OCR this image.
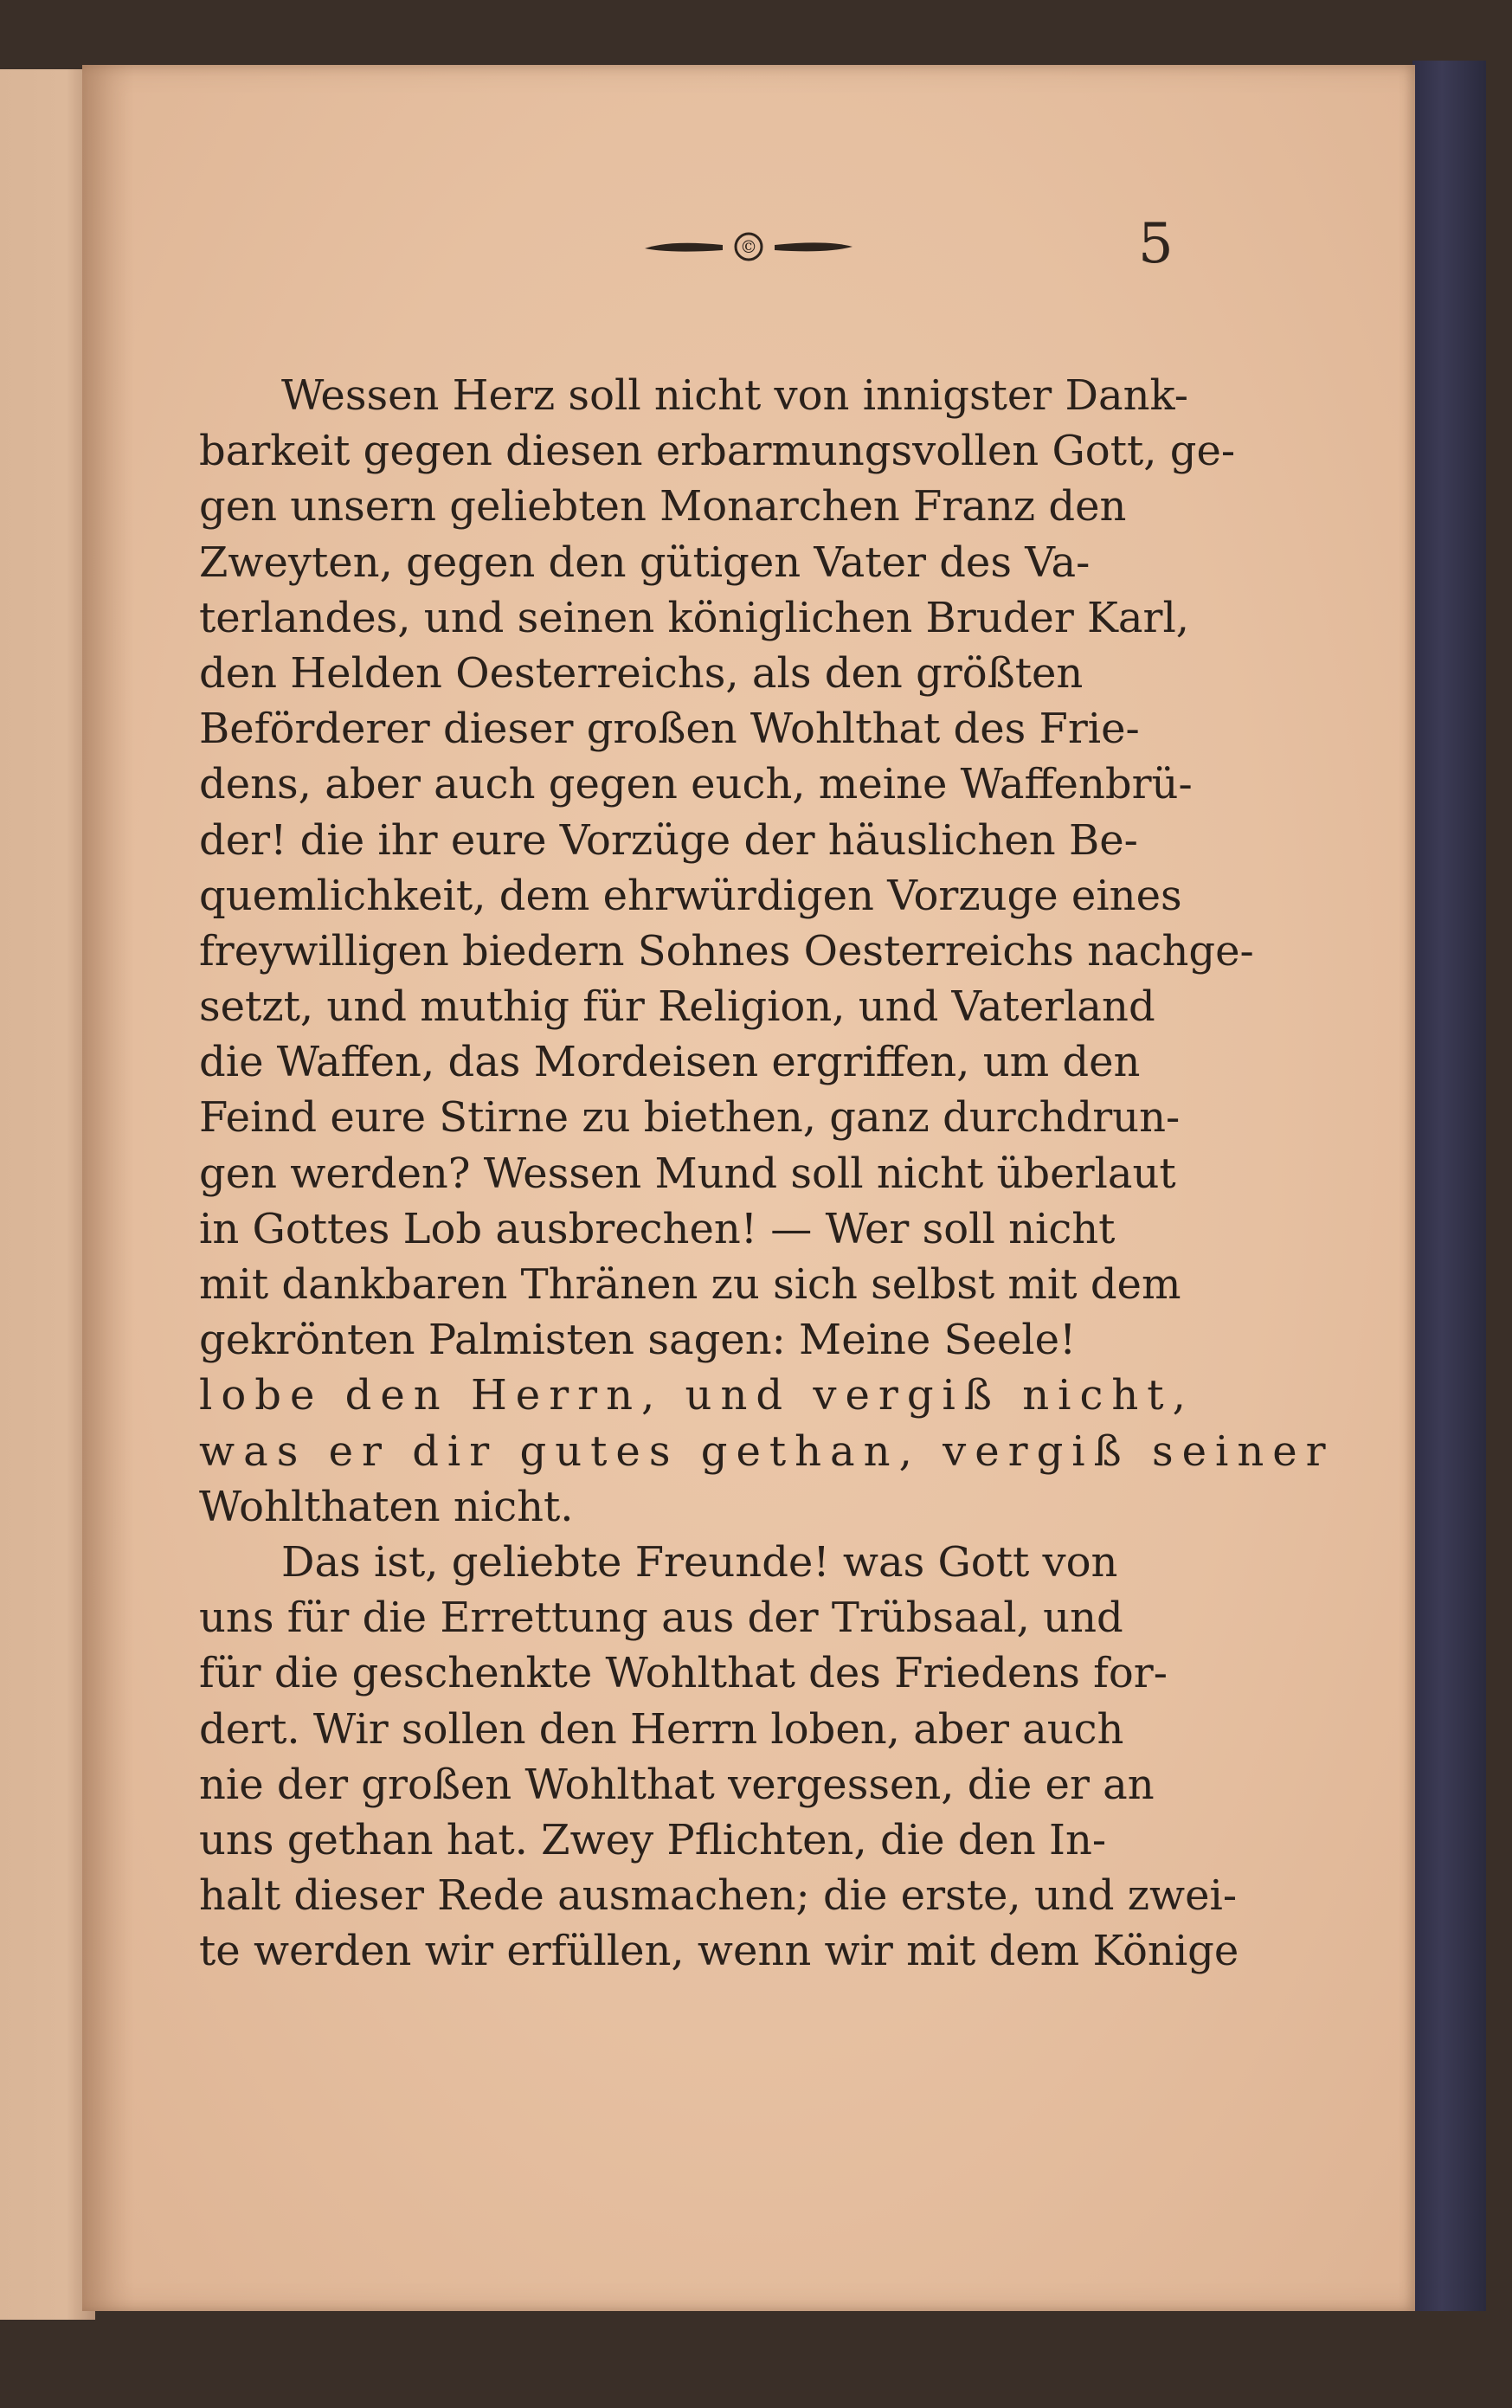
©	5
Wessen Herz soll nicht von innigster Dank-
barkeit gegen diesen erbarmungsvollen Gott, ge-
gen unsern geliebten Monarchen Franz den
Zweyten, gegen den gütigen Vater des Va-
terlandes, und seinen königlichen Bruder Karl,
den Helden Oesterreichs, als den größten
Beförderer dieser großen Wohlthat des Frie-
dens, aber auch gegen euch, meine Waffenbrü-
der! die ihr eure Vorzüge der häuslichen Be-
quemlichkeit, dem ehrwürdigen Vorzuge eines
freywilligen biedern Sohnes Oesterreichs nachge-
setzt, und muthig für Religion, und Vaterland
die Waffen, das Mordeisen ergriffen, um den
Feind eure Stirne zu biethen, ganz durchdrun-
gen werden? Wessen Mund soll nicht überlaut
in Gottes Lob ausbrechen! — Wer soll nicht
mit dankbaren Thränen zu sich selbst mit dem
gekrönten Palmisten sagen: Meine Seele!
lobe den Herrn, und vergiß nicht,
was er dir gutes gethan, vergiß seiner
Wohlthaten nicht.
Das ist, geliebte Freunde! was Gott von
uns für die Errettung aus der Trübsaal, und
für die geschenkte Wohlthat des Friedens for-
dert. Wir sollen den Herrn loben, aber auch
nie der großen Wohlthat vergessen, die er an
uns gethan hat. Zwey Pflichten, die den In-
halt dieser Rede ausmachen; die erste, und zwei-
te werden wir erfüllen, wenn wir mit dem Könige
